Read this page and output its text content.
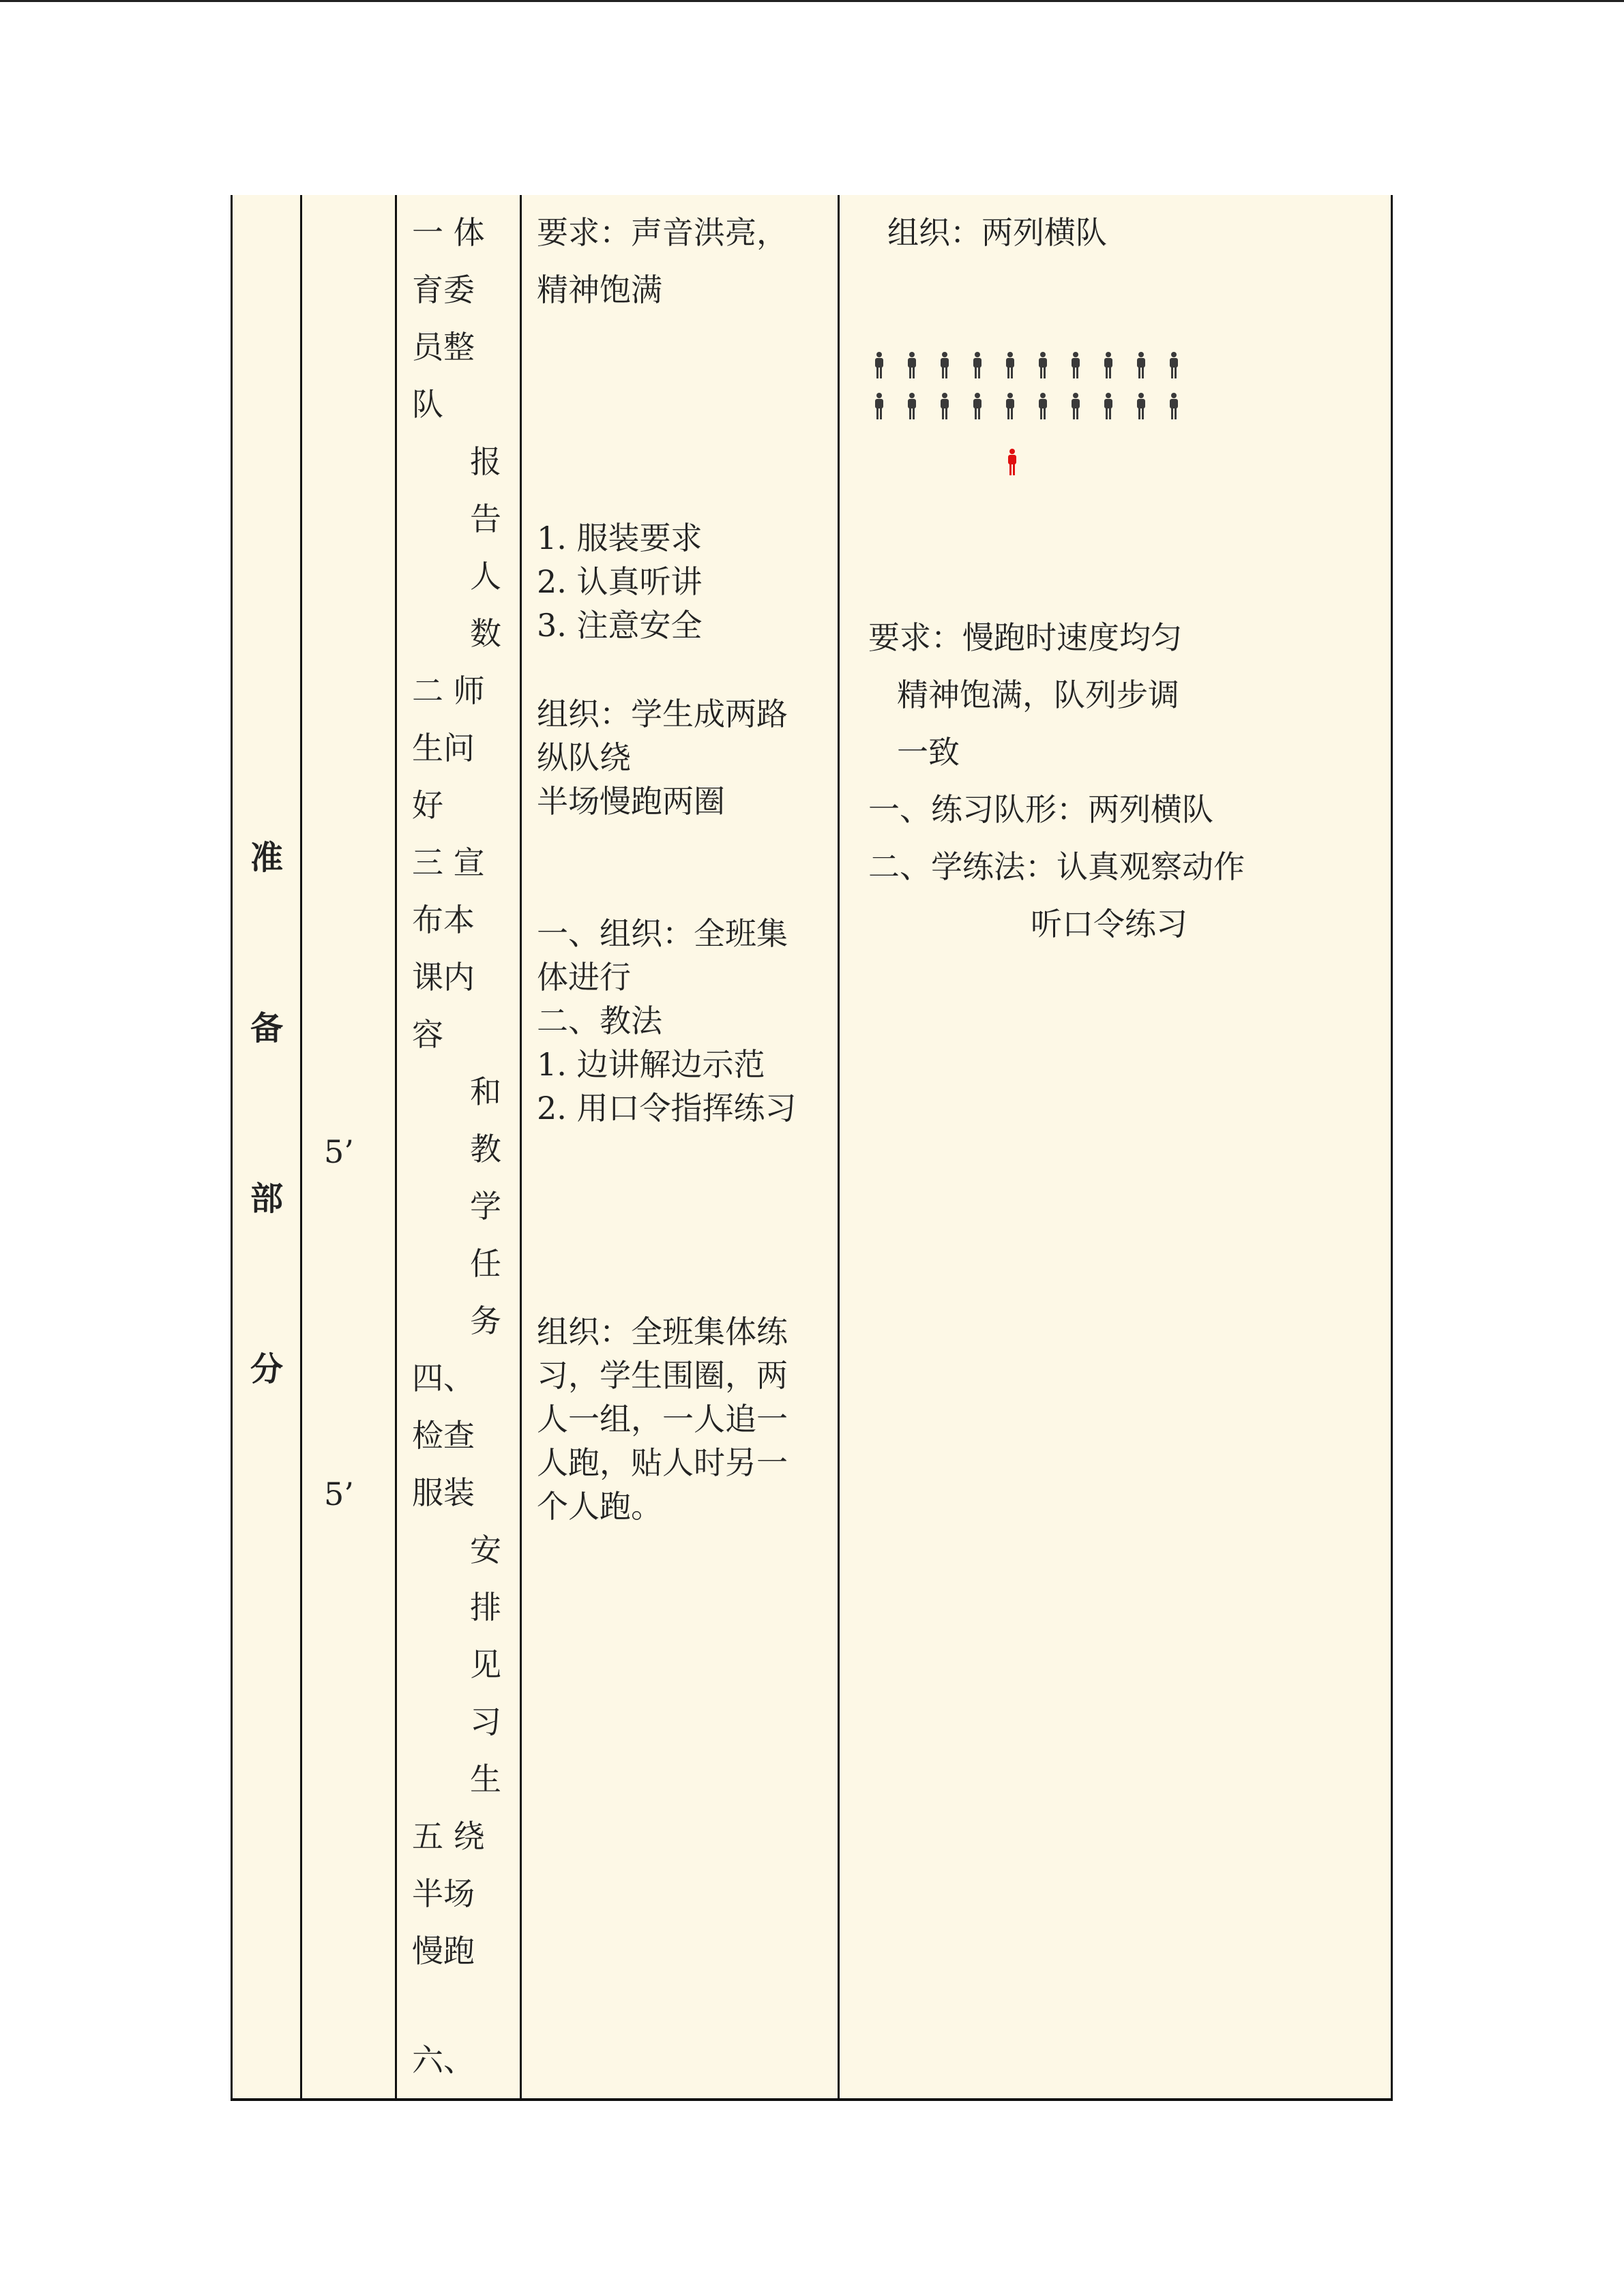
准
备
部
分
5’
5’
一 体
育委
员整
队
报
告
人
数
二 师
生问
好
三 宣
布本
课内
容
和
教
学
任
务
四、
检查
服装
安
排
见
习
生
五 绕
半场
慢跑
六、
要求：声音洪亮，
精神饱满
1. 服装要求
2. 认真听讲
3. 注意安全
组织：学生成两路
纵队绕
半场慢跑两圈
一、组织：全班集
体进行
二、教法
1. 边讲解边示范
2. 用口令指挥练习
组织：全班集体练
习，学生围圈，两
人一组，一人追一
人跑，贴人时另一
个人跑。
组织：两列横队
要求：慢跑时速度均匀
精神饱满，队列步调
一致
一、练习队形：两列横队
二、学练法：认真观察动作
听口令练习
